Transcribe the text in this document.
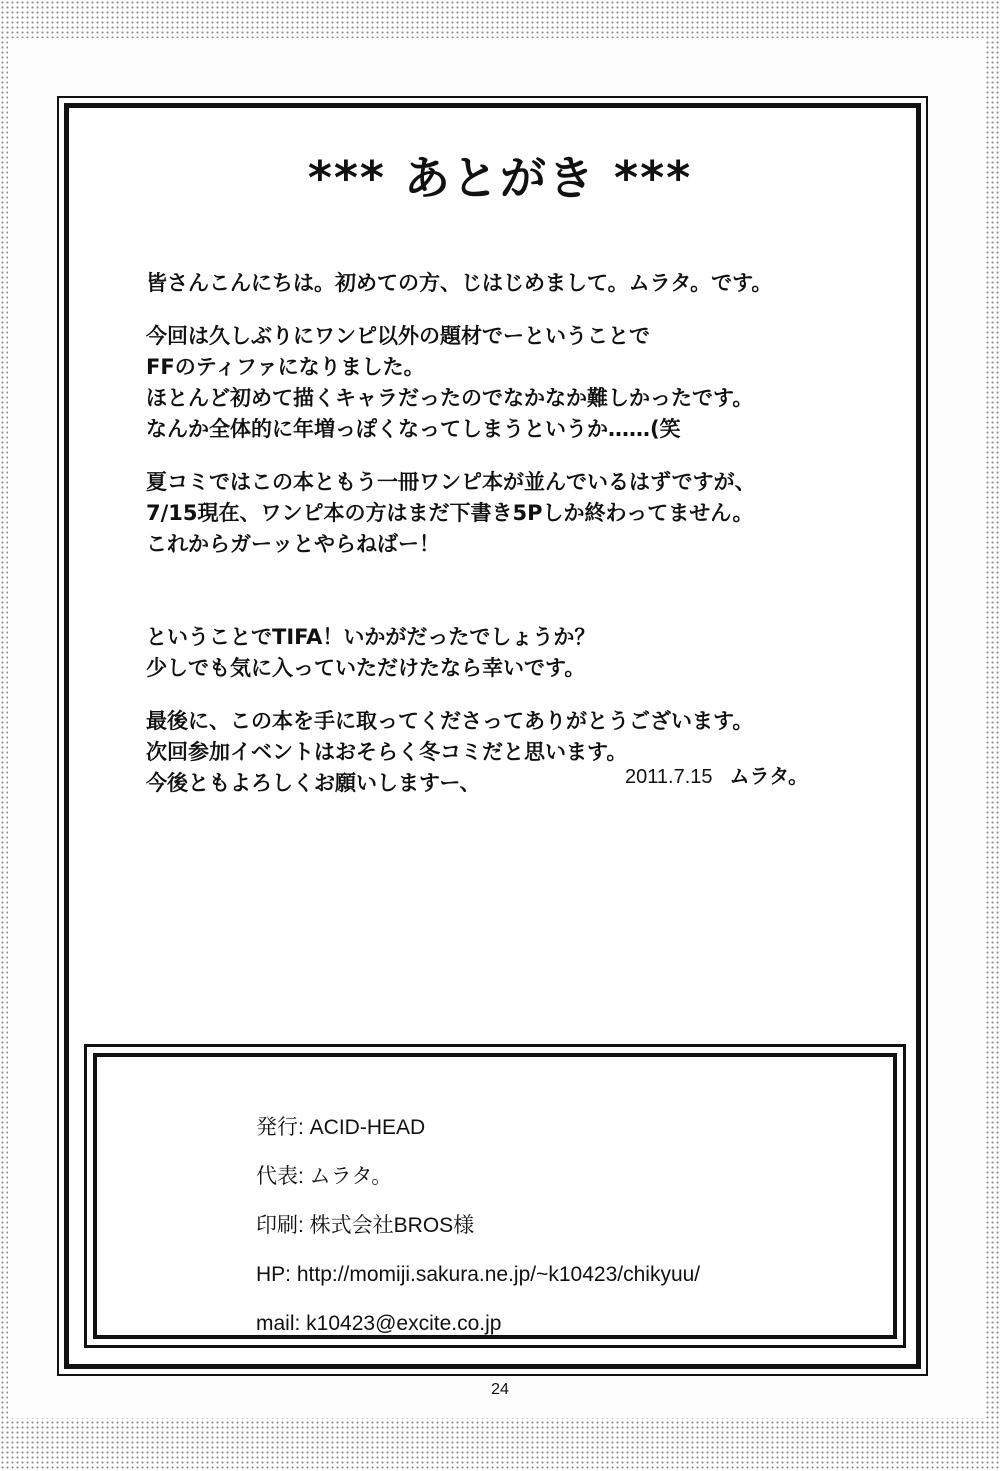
*** あとがき ***
皆さんこんにちは。初めての方、じはじめまして。ムラタ。です。
今回は久しぶりにワンピ以外の題材でーということで
FFのティファになりました。
ほとんど初めて描くキャラだったのでなかなか難しかったです。
なんか全体的に年増っぽくなってしまうというか……(笑
夏コミではこの本ともう一冊ワンピ本が並んでいるはずですが、
7/15現在、ワンピ本の方はまだ下書き5Pしか終わってません。
これからガーッとやらねばー！
ということでTIFA！いかがだったでしょうか？
少しでも気に入っていただけたなら幸いです。
最後に、この本を手に取ってくださってありがとうございます。
次回参加イベントはおそらく冬コミだと思います。
今後ともよろしくお願いしますー、	2011.7.15 ムラタ。
発行: ACID-HEAD
代表: ムラタ。
印刷: 株式会社BROS様
HP: http://momiji.sakura.ne.jp/~k10423/chikyuu/
mail: k10423@excite.co.jp
24
